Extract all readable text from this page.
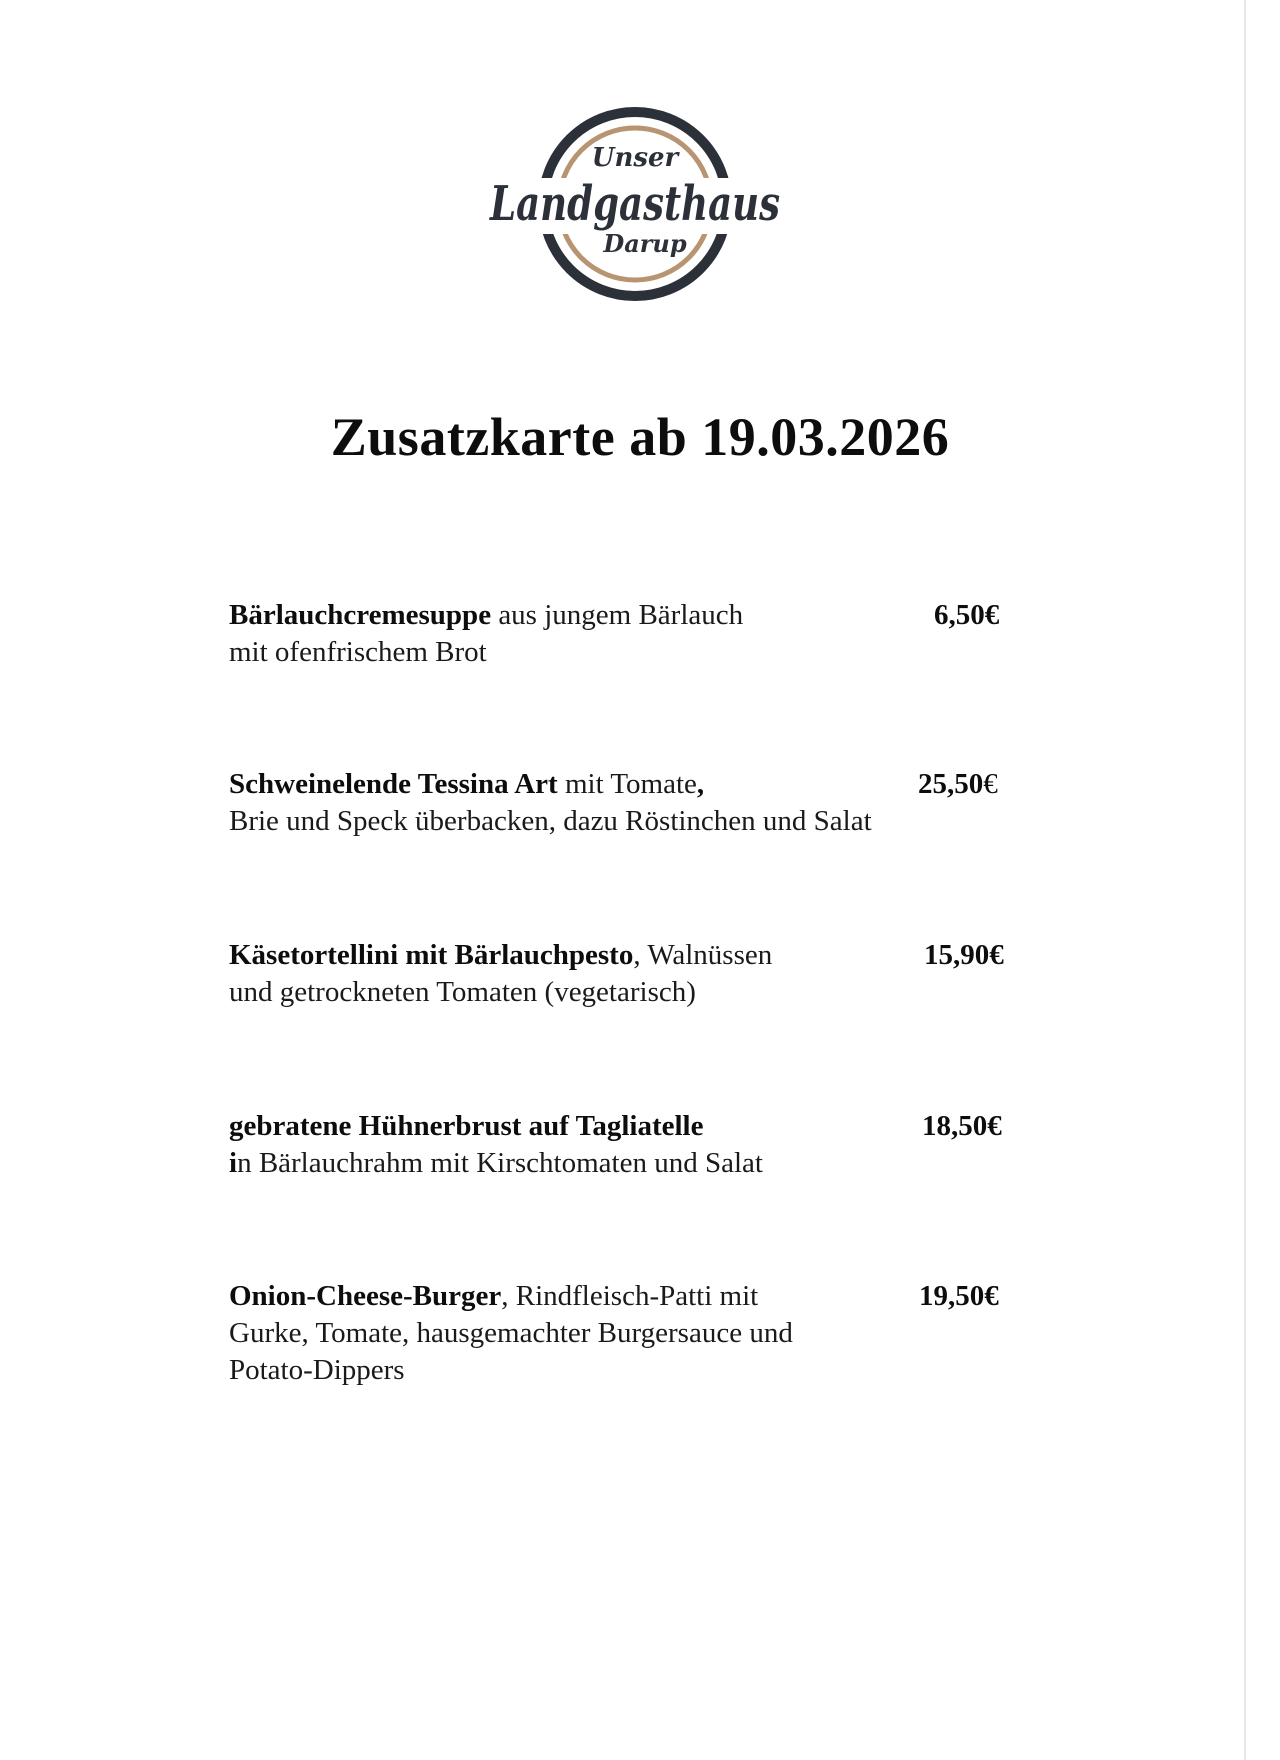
Unser
Landgasthaus
Darup
Zusatzkarte ab 19.03.2026
Bärlauchcremesuppe aus jungem Bärlauch	6,50€
mit ofenfrischem Brot
Schweinelende Tessina Art mit Tomate,	25,50€
Brie und Speck überbacken, dazu Röstinchen und Salat
Käsetortellini mit Bärlauchpesto, Walnüssen	15,90€
und getrockneten Tomaten (vegetarisch)
gebratene Hühnerbrust auf Tagliatelle	18,50€
in Bärlauchrahm mit Kirschtomaten und Salat
Onion-Cheese-Burger, Rindfleisch-Patti mit	19,50€
Gurke, Tomate, hausgemachter Burgersauce und
Potato-Dippers
